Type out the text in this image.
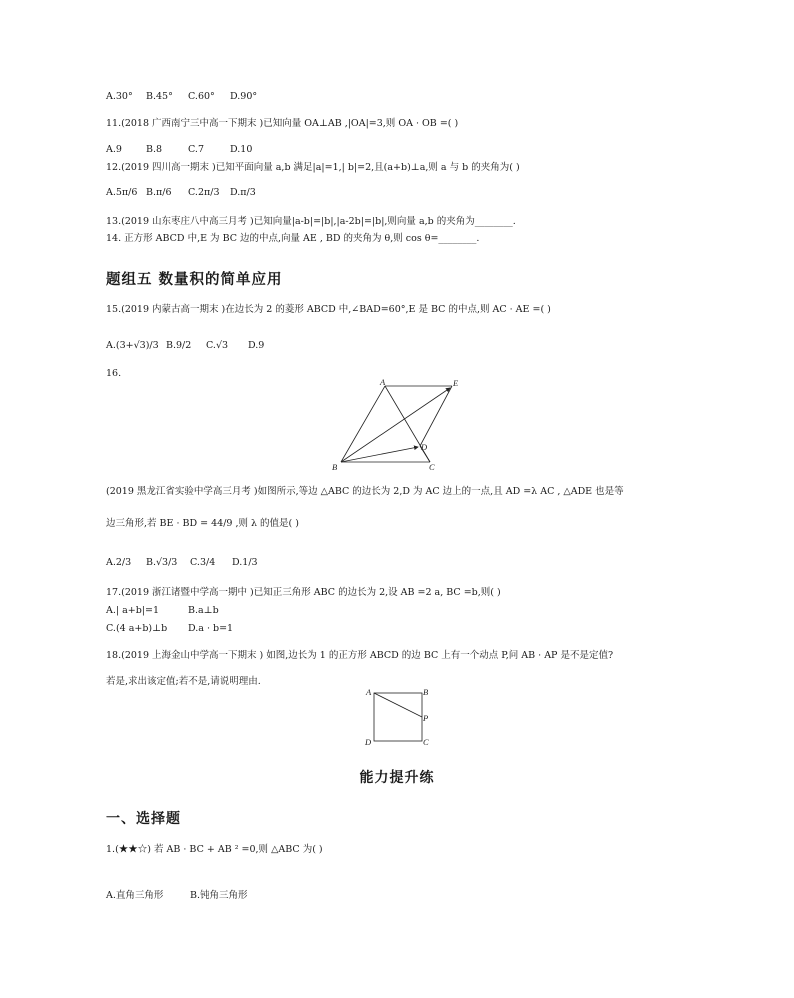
A.30° B.45° C.60° D.90°
11.(2018 广西南宁三中高一下期末 )已知向量 OA⊥AB ,|OA|=3,则 OA · OB =( )
A.9	B.8	C.7	D.10
12.(2019 四川高一期末 )已知平面向量 a,b 满足|a|=1,| b|=2,且(a+b)⊥a,则 a 与 b 的夹角为( )
A.5π/6 B.π/6 C.2π/3 D.π/3
13.(2019 山东枣庄八中高三月考 )已知向量|a-b|=|b|,|a-2b|=|b|,则向量 a,b 的夹角为________.
14. 正方形 ABCD 中,E 为 BC 边的中点,向量 AE , BD 的夹角为 θ,则 cos θ=________.
题组五 数量积的简单应用
15.(2019 内蒙古高一期末 )在边长为 2 的菱形 ABCD 中,∠BAD=60°,E 是 BC 的中点,则 AC · AE =( )
A.(3+√3)/3 B.9/2 C.√3 D.9
16.
A	E
D
B	C
(2019 黑龙江省实验中学高三月考 )如图所示,等边 △ABC 的边长为 2,D 为 AC 边上的一点,且 AD =λ AC , △ADE 也是等
边三角形,若 BE · BD = 44/9 ,则 λ 的值是( )
A.2/3 B.√3/3 C.3/4 D.1/3
17.(2019 浙江诸暨中学高一期中 )已知正三角形 ABC 的边长为 2,设 AB =2 a, BC =b,则( )
A.| a+b|=1	B.a⊥b
C.(4 a+b)⊥b D.a · b=1
18.(2019 上海金山中学高一下期末 ) 如图,边长为 1 的正方形 ABCD 的边 BC 上有一个动点 P,问 AB · AP 是不是定值?
若是,求出该定值;若不是,请说明理由.
A	B
P
D	C
能力提升练
一、选择题
1.(★★☆) 若 AB · BC + AB ² =0,则 △ABC 为( )
A.直角三角形	B.钝角三角形
